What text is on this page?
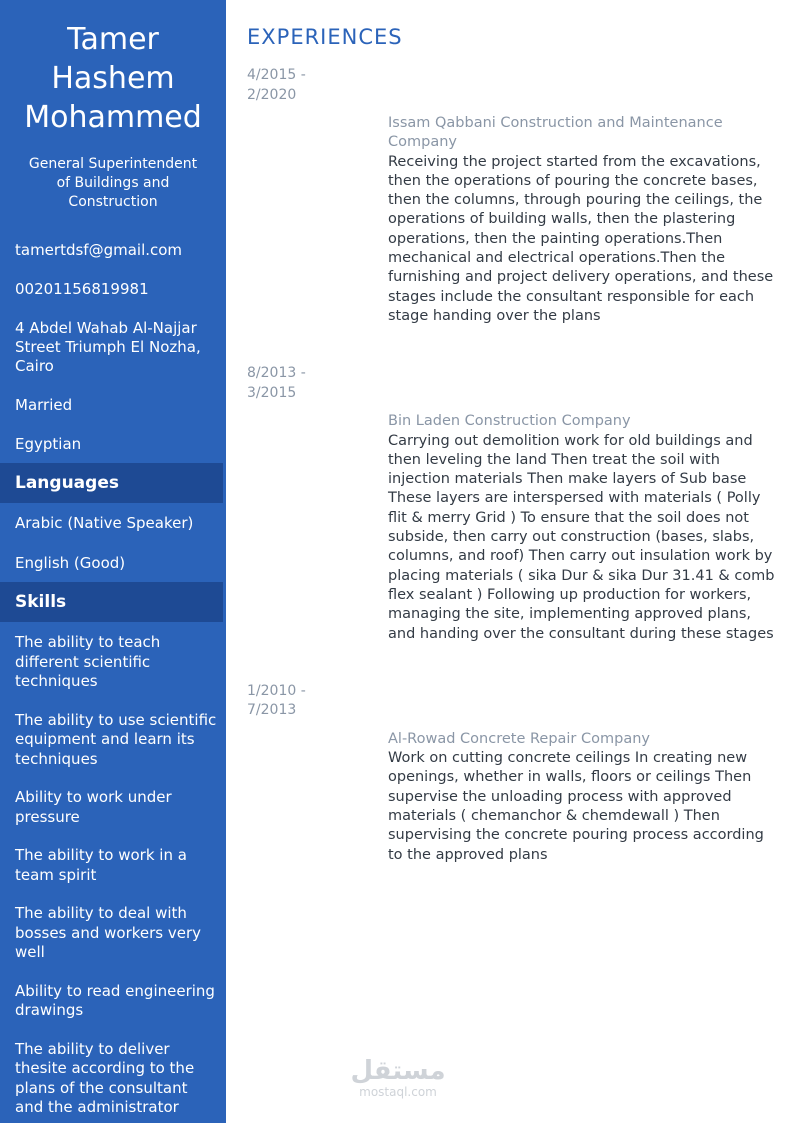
Tamer
Hashem
Mohammed
General Superintendent of Buildings and Construction
tamertdsf@gmail.com
00201156819981
4 Abdel Wahab Al-Najjar Street Triumph El Nozha, Cairo
Married
Egyptian
Languages
Arabic (Native Speaker)
English (Good)
Skills
The ability to teach different scientific techniques
The ability to use scientific equipment and learn its techniques
Ability to work under pressure
The ability to work in a team spirit
The ability to deal with bosses and workers very well
Ability to read engineering drawings
The ability to deliver thesite according to the plans of the consultant and the administrator
EXPERIENCES
4/2015 -
2/2020
Issam Qabbani Construction and Maintenance Company
Receiving the project started from the excavations, then the operations of pouring the concrete bases, then the columns, through pouring the ceilings, the operations of building walls, then the plastering operations, then the painting operations.Then mechanical and electrical operations.Then the furnishing and project delivery operations, and these stages include the consultant responsible for each stage handing over the plans
8/2013 -
3/2015
Bin Laden Construction Company
Carrying out demolition work for old buildings and then leveling the land Then treat the soil with injection materials Then make layers of Sub base These layers are interspersed with materials ( Polly flit & merry Grid ) To ensure that the soil does not subside, then carry out construction (bases, slabs, columns, and roof) Then carry out insulation work by placing materials ( sika Dur & sika Dur 31.41 & comb flex sealant ) Following up production for workers, managing the site, implementing approved plans, and handing over the consultant during these stages
1/2010 -
7/2013
Al-Rowad Concrete Repair Company
Work on cutting concrete ceilings In creating new openings, whether in walls, floors or ceilings Then supervise the unloading process with approved materials ( chemanchor & chemdewall ) Then supervising the concrete pouring process according to the approved plans
مستقل
mostaql.com
